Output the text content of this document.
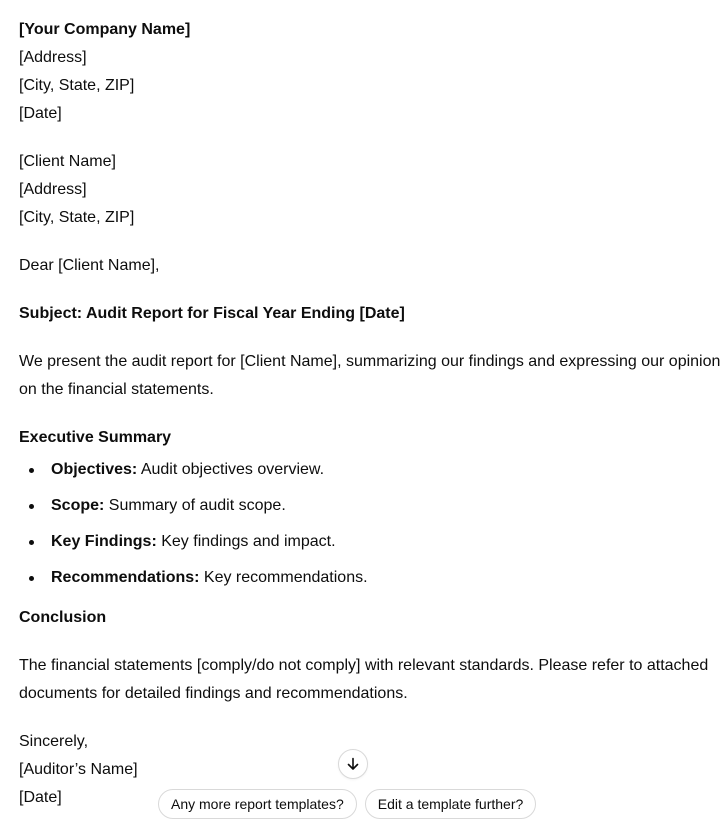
[Your Company Name]
[Address]
[City, State, ZIP]
[Date]
[Client Name]
[Address]
[City, State, ZIP]

Dear [Client Name],

Subject: Audit Report for Fiscal Year Ending [Date]

We present the audit report for [Client Name], summarizing our findings and expressing our opinion on the financial statements.

Executive Summary

Objectives: Audit objectives overview.
Scope: Summary of audit scope.
Key Findings: Key findings and impact.
Recommendations: Key recommendations.

Conclusion

The financial statements [comply/do not comply] with relevant standards. Please refer to attached documents for detailed findings and recommendations.

Sincerely,
[Auditor’s Name]
[Date]	Any more report templates?	Edit a template further?
